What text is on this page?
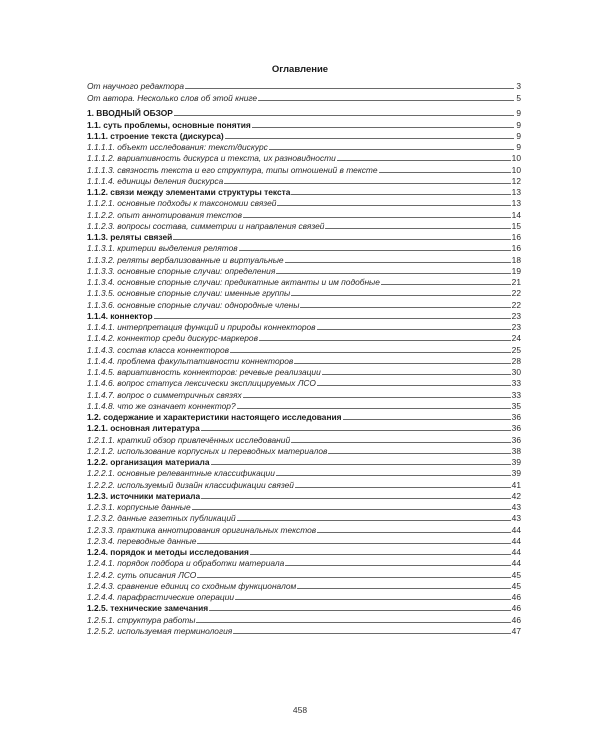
Оглавление
От научного редактора	3
От автора. Несколько слов об этой книге	5
1. ВВОДНЫЙ ОБЗОР	9
1.1. суть проблемы, основные понятия	9
1.1.1. строение текста (дискурса)	9
1.1.1.1. объект исследования: текст/дискурс	9
1.1.1.2. вариативность дискурса и текста, их разновидности	10
1.1.1.3. связность текста и его структура, типы отношений в тексте	10
1.1.1.4. единицы деления дискурса	12
1.1.2. связи между элементами структуры текста	13
1.1.2.1. основные подходы к таксономии связей	13
1.1.2.2. опыт аннотирования текстов	14
1.1.2.3. вопросы состава, симметрии и направления связей	15
1.1.3. реляты связей	16
1.1.3.1. критерии выделения релятов	16
1.1.3.2. реляты вербализованные и виртуальные	18
1.1.3.3. основные спорные случаи: определения	19
1.1.3.4. основные спорные случаи: предикатные актанты и им подобные	21
1.1.3.5. основные спорные случаи: именные группы	22
1.1.3.6. основные спорные случаи: однородные члены	22
1.1.4. коннектор	23
1.1.4.1. интерпретация функций и природы коннекторов	23
1.1.4.2. коннектор среди дискурс-маркеров	24
1.1.4.3. состав класса коннекторов	25
1.1.4.4. проблема факультативности коннекторов	28
1.1.4.5. вариативность коннекторов: речевые реализации	30
1.1.4.6. вопрос статуса лексически эксплицируемых ЛСО	33
1.1.4.7. вопрос о симметричных связях	33
1.1.4.8. что же означает коннектор?	35
1.2. содержание и характеристики настоящего исследования	36
1.2.1. основная литература	36
1.2.1.1. краткий обзор привлечённых исследований	36
1.2.1.2. использование корпусных и переводных материалов	38
1.2.2. организация материала	39
1.2.2.1. основные релевантные классификации	39
1.2.2.2. используемый дизайн классификации связей	41
1.2.3. источники материала	42
1.2.3.1. корпусные данные	43
1.2.3.2. данные газетных публикаций	43
1.2.3.3. практика аннотирования оригинальных текстов	44
1.2.3.4. переводные данные	44
1.2.4. порядок и методы исследования	44
1.2.4.1. порядок подбора и обработки материала	44
1.2.4.2. суть описания ЛСО	45
1.2.4.3. сравнение единиц со сходным функционалом	45
1.2.4.4. парафрастические операции	46
1.2.5. технические замечания	46
1.2.5.1. структура работы	46
1.2.5.2. используемая терминология	47
458
